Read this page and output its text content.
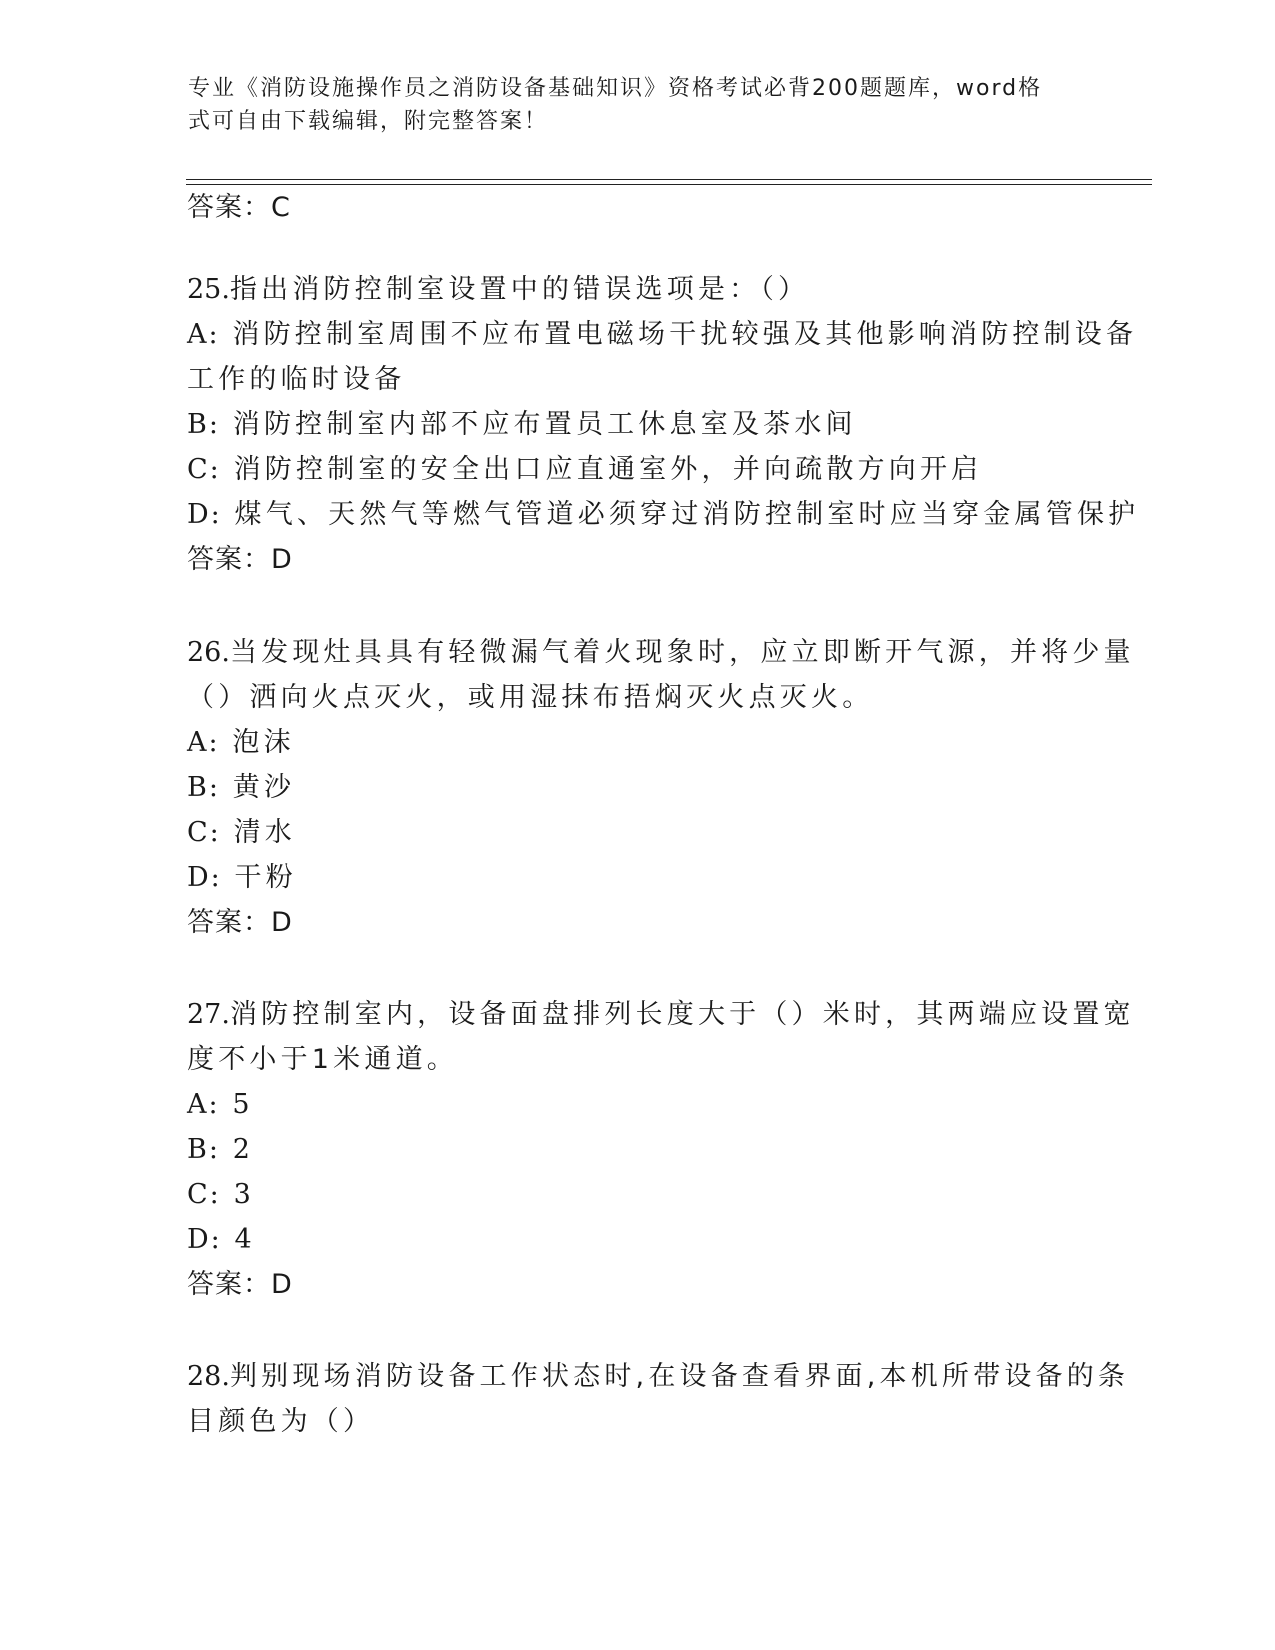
专业《消防设施操作员之消防设备基础知识》资格考试必背200题题库，word格
式可自由下载编辑，附完整答案！
答案：C
25.指出消防控制室设置中的错误选项是：（）
A: 消防控制室周围不应布置电磁场干扰较强及其他影响消防控制设备
工作的临时设备
B: 消防控制室内部不应布置员工休息室及茶水间
C: 消防控制室的安全出口应直通室外，并向疏散方向开启
D: 煤气、天然气等燃气管道必须穿过消防控制室时应当穿金属管保护
答案：D
26.当发现灶具具有轻微漏气着火现象时，应立即断开气源，并将少量
（）洒向火点灭火，或用湿抹布捂焖灭火点灭火。
A: 泡沫
B: 黄沙
C: 清水
D: 干粉
答案：D
27.消防控制室内，设备面盘排列长度大于（）米时，其两端应设置宽
度不小于1米通道。
A: 5
B: 2
C: 3
D: 4
答案：D
28.判别现场消防设备工作状态时,在设备查看界面,本机所带设备的条
目颜色为（）
